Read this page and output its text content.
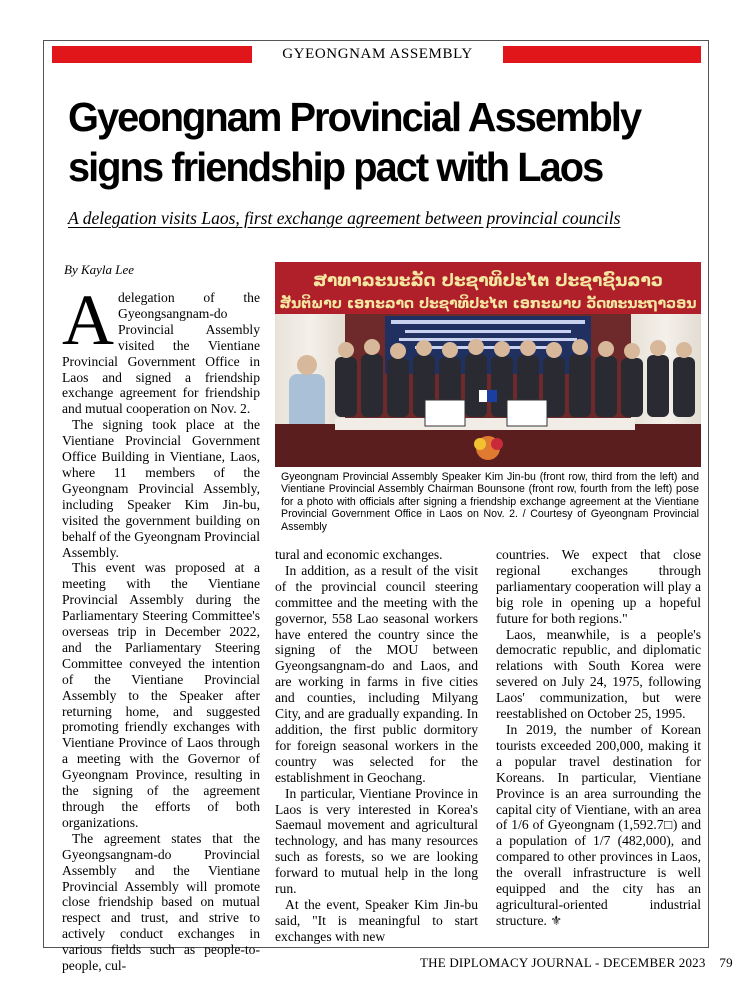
GYEONGNAM ASSEMBLY
Gyeongnam Provincial Assembly signs friendship pact with Laos
A delegation visits Laos, first exchange agreement between provincial councils
By Kayla Lee

Adelegation of the Gyeongsangnam-do Provincial Assembly visited the Vientiane Provincial Government Office in Laos and signed a friendship exchange agreement for friendship and mutual cooperation on Nov. 2.

The signing took place at the Vientiane Provincial Government Office Building in Vientiane, Laos, where 11 members of the Gyeongnam Provincial Assembly, including Speaker Kim Jin-bu, visited the government building on behalf of the Gyeongnam Provincial Assembly.

This event was proposed at a meeting with the Vientiane Provincial Assembly during the Parliamentary Steering Committee's overseas trip in December 2022, and the Parliamentary Steering Committee conveyed the intention of the Vientiane Provincial Assembly to the Speaker after returning home, and suggested promoting friendly exchanges with Vientiane Province of Laos through a meeting with the Governor of Gyeongnam Province, resulting in the signing of the agreement through the efforts of both organizations.

The agreement states that the Gyeongsangnam-do Provincial Assembly and the Vientiane Provincial Assembly will promote close friendship based on mutual respect and trust, and strive to actively conduct exchanges in various fields such as people-to-people, cul-

ສາທາລະນະລັດ ປະຊາທິປະໄຕ ປະຊາຊົນລາວ
ສັນຕິພາບ ເອກະລາດ ປະຊາທິປະໄຕ ເອກະພາບ ວັດທະນະຖາວອນ
Gyeongnam Provincial Assembly Speaker Kim Jin-bu (front row, third from the left) and Vientiane Provincial Assembly Chairman Bounsone (front row, fourth from the left) pose for a photo with officials after signing a friendship exchange agreement at the Vientiane Provincial Government Office in Laos on Nov. 2. / Courtesy of Gyeongnam Provincial Assembly

tural and economic exchanges.

In addition, as a result of the visit of the provincial council steering committee and the meeting with the governor, 558 Lao seasonal workers have entered the country since the signing of the MOU between Gyeongsangnam-do and Laos, and are working in farms in five cities and counties, including Milyang City, and are gradually expanding. In addition, the first public dormitory for foreign seasonal workers in the country was selected for the establishment in Geochang.

In particular, Vientiane Province in Laos is very interested in Korea's Saemaul movement and agricultural technology, and has many resources such as forests, so we are looking forward to mutual help in the long run.

At the event, Speaker Kim Jin-bu said, "It is meaningful to start exchanges with new

countries. We expect that close regional exchanges through parliamentary cooperation will play a big role in opening up a hopeful future for both regions."

Laos, meanwhile, is a people's democratic republic, and diplomatic relations with South Korea were severed on July 24, 1975, following Laos' communization, but were reestablished on October 25, 1995.

In 2019, the number of Korean tourists exceeded 200,000, making it a popular travel destination for Koreans. In particular, Vientiane Province is an area surrounding the capital city of Vientiane, with an area of 1/6 of Gyeongnam (1,592.7□) and a population of 1/7 (482,000), and compared to other provinces in Laos, the overall infrastructure is well equipped and the city has an agricultural-oriented industrial structure. ⚜

THE DIPLOMACY JOURNAL - DECEMBER 2023 79
